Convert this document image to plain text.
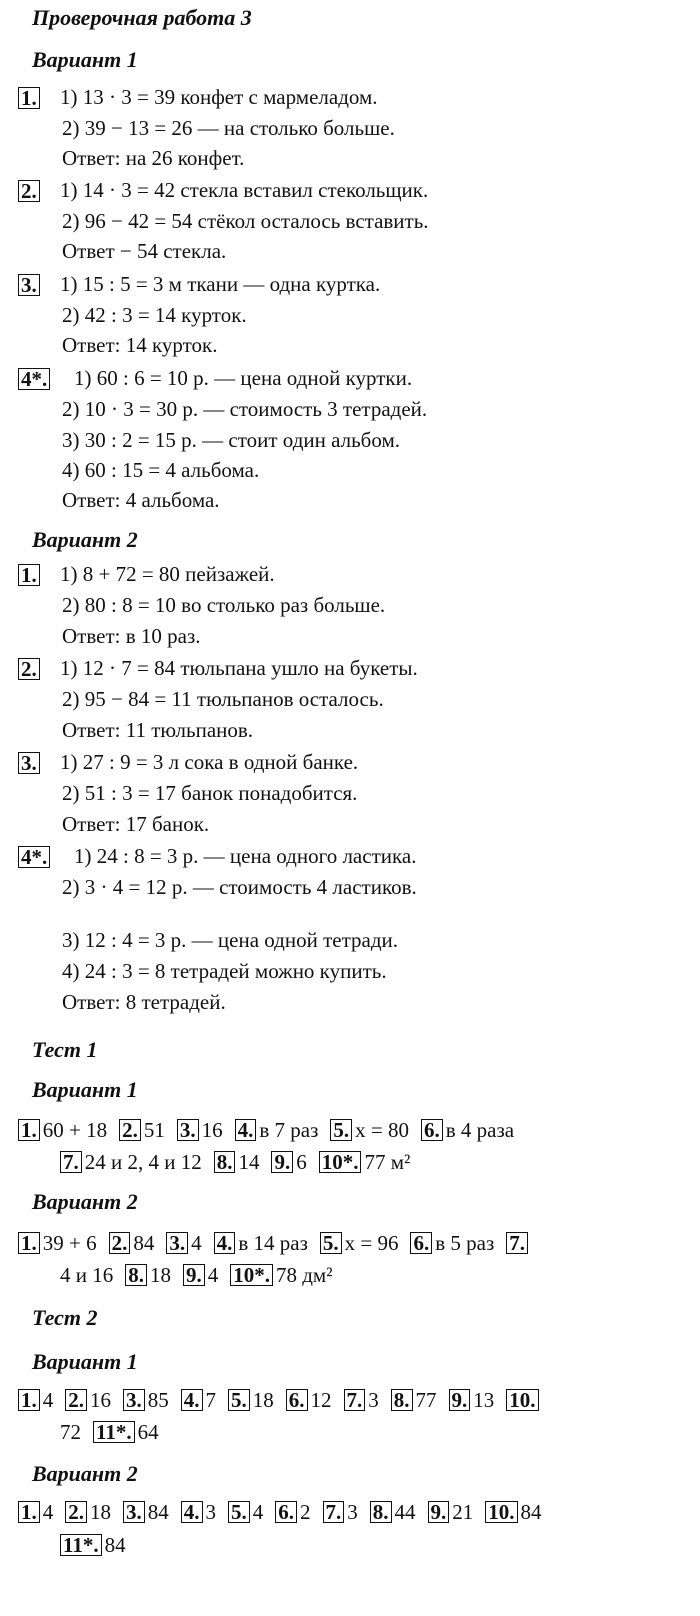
Проверочная работа 3
Вариант 1
1. 1) 13 · 3 = 39 конфет с мармеладом.
2) 39 − 13 = 26 — на столько больше.
Ответ: на 26 конфет.
2. 1) 14 · 3 = 42 стекла вставил стекольщик.
2) 96 − 42 = 54 стёкол осталось вставить.
Ответ − 54 стекла.
3. 1) 15 : 5 = 3 м ткани — одна куртка.
2) 42 : 3 = 14 курток.
Ответ: 14 курток.
4*. 1) 60 : 6 = 10 р. — цена одной куртки.
2) 10 · 3 = 30 р. — стоимость 3 тетрадей.
3) 30 : 2 = 15 р. — стоит один альбом.
4) 60 : 15 = 4 альбома.
Ответ: 4 альбома.
Вариант 2
1. 1) 8 + 72 = 80 пейзажей.
2) 80 : 8 = 10 во столько раз больше.
Ответ: в 10 раз.
2. 1) 12 · 7 = 84 тюльпана ушло на букеты.
2) 95 − 84 = 11 тюльпанов осталось.
Ответ: 11 тюльпанов.
3. 1) 27 : 9 = 3 л сока в одной банке.
2) 51 : 3 = 17 банок понадобится.
Ответ: 17 банок.
4*. 1) 24 : 8 = 3 р. — цена одного ластика.
2) 3 · 4 = 12 р. — стоимость 4 ластиков.
3) 12 : 4 = 3 р. — цена одной тетради.
4) 24 : 3 = 8 тетрадей можно купить.
Ответ: 8 тетрадей.
Тест 1
Вариант 1
1. 60 + 18 2. 51 3. 16 4. в 7 раз 5. x = 80 6. в 4 раза
7. 24 и 2, 4 и 12 8. 14 9. 6 10*. 77 м²
Вариант 2
1. 39 + 6 2. 84 3. 4 4. в 14 раз 5. x = 96 6. в 5 раз 7.
4 и 16 8. 18 9. 4 10*. 78 дм²
Тест 2
Вариант 1
1. 4 2. 16 3. 85 4. 7 5. 18 6. 12 7. 3 8. 77 9. 13 10.
72 11*. 64
Вариант 2
1. 4 2. 18 3. 84 4. 3 5. 4 6. 2 7. 3 8. 44 9. 21 10. 84
11*. 84
